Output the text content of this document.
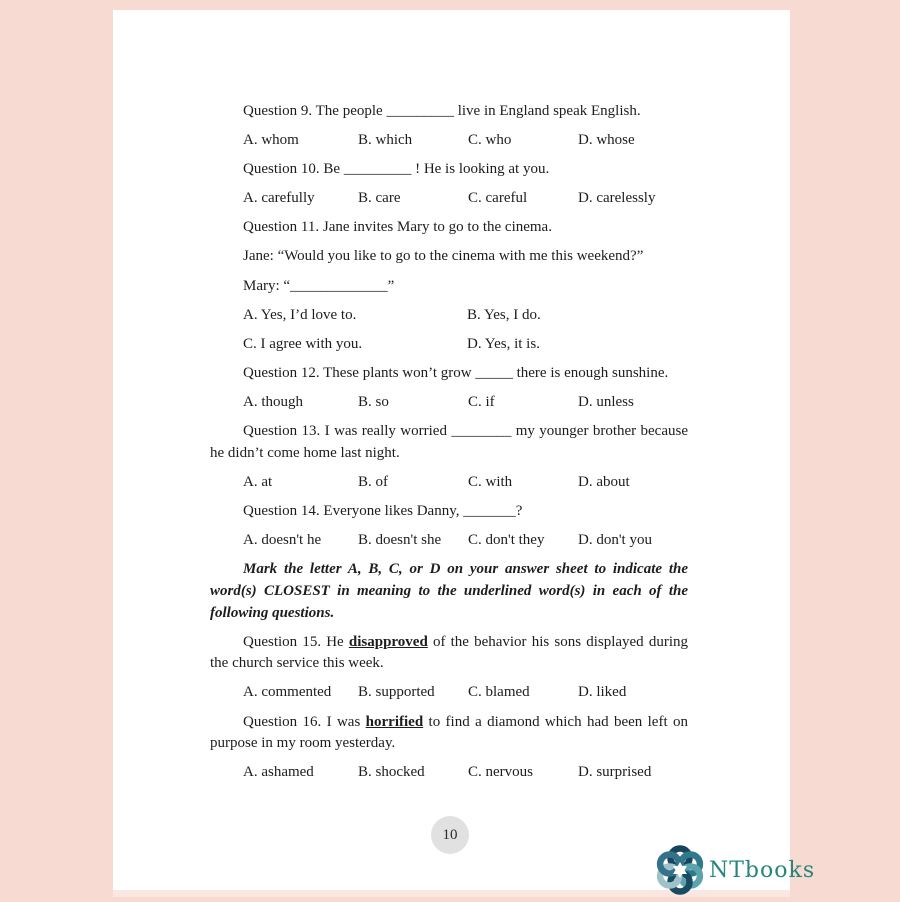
Question 9. The people _________ live in England speak English.

A. whom	B. which	C. who	D. whose

Question 10. Be _________ ! He is looking at you.

A. carefully	B. care	C. careful	D. carelessly

Question 11. Jane invites Mary to go to the cinema.

Jane: “Would you like to go to the cinema with me this weekend?”

Mary: “_____________”

A. Yes, I’d love to.	B. Yes, I do.
C. I agree with you.	D. Yes, it is.

Question 12. These plants won’t grow _____ there is enough sunshine.

A. though	B. so	C. if	D. unless

Question 13. I was really worried ________ my younger brother because he didn’t come home last night.

A. at	B. of	C. with	D. about

Question 14. Everyone likes Danny, _______?

A. doesn't he	B. doesn't she	C. don't they	D. don't you

Mark the letter A, B, C, or D on your answer sheet to indicate the word(s) CLOSEST in meaning to the underlined word(s) in each of the following questions.

Question 15. He disapproved of the behavior his sons displayed during the church service this week.

A. commented	B. supported	C. blamed	D. liked

Question 16. I was horrified to find a diamond which had been left on purpose in my room yesterday.

A. ashamed	B. shocked	C. nervous	D. surprised
10
NTbooks
